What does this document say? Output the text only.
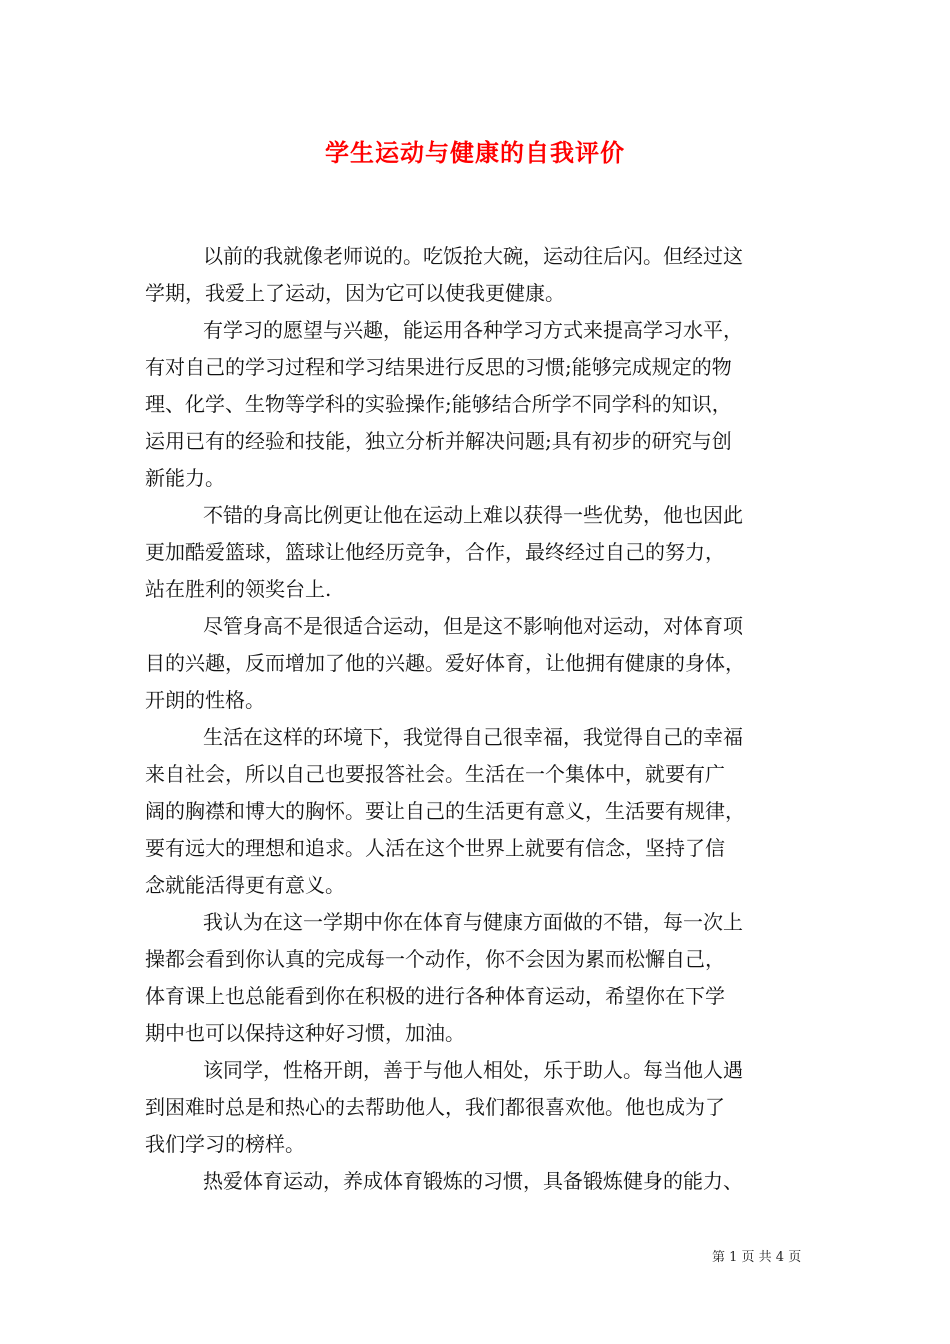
学生运动与健康的自我评价
以前的我就像老师说的。吃饭抢大碗，运动往后闪。但经过这
学期，我爱上了运动，因为它可以使我更健康。
有学习的愿望与兴趣，能运用各种学习方式来提高学习水平，
有对自己的学习过程和学习结果进行反思的习惯;能够完成规定的物
理、化学、生物等学科的实验操作;能够结合所学不同学科的知识，
运用已有的经验和技能，独立分析并解决问题;具有初步的研究与创
新能力。
不错的身高比例更让他在运动上难以获得一些优势，他也因此
更加酷爱篮球，篮球让他经历竞争，合作，最终经过自己的努力，
站在胜利的领奖台上.
尽管身高不是很适合运动，但是这不影响他对运动，对体育项
目的兴趣，反而增加了他的兴趣。爱好体育，让他拥有健康的身体，
开朗的性格。
生活在这样的环境下，我觉得自己很幸福，我觉得自己的幸福
来自社会，所以自己也要报答社会。生活在一个集体中，就要有广
阔的胸襟和博大的胸怀。要让自己的生活更有意义，生活要有规律，
要有远大的理想和追求。人活在这个世界上就要有信念，坚持了信
念就能活得更有意义。
我认为在这一学期中你在体育与健康方面做的不错，每一次上
操都会看到你认真的完成每一个动作，你不会因为累而松懈自己，
体育课上也总能看到你在积极的进行各种体育运动，希望你在下学
期中也可以保持这种好习惯，加油。
该同学，性格开朗，善于与他人相处，乐于助人。每当他人遇
到困难时总是和热心的去帮助他人，我们都很喜欢他。他也成为了
我们学习的榜样。
热爱体育运动，养成体育锻炼的习惯，具备锻炼健身的能力、
第 1 页 共 4 页
